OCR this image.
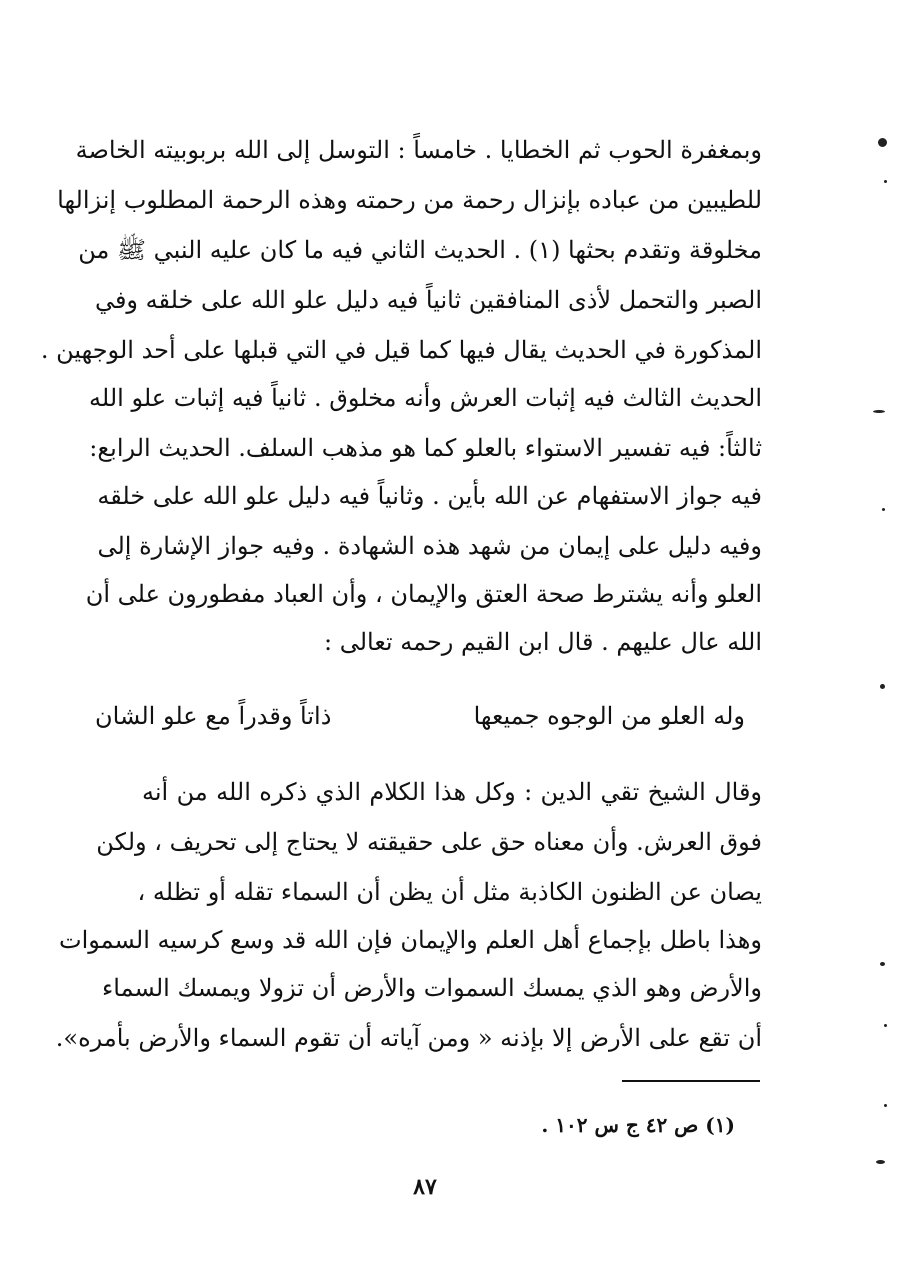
وبمغفرة الحوب ثم الخطايا . خامساً : التوسل إلى الله بربوبيته الخاصة
للطيبين من عباده بإنزال رحمة من رحمته وهذه الرحمة المطلوب إنزالها
مخلوقة وتقدم بحثها (١) . الحديث الثاني فيه ما كان عليه النبي ﷺ من
الصبر والتحمل لأذى المنافقين ثانياً فيه دليل علو الله على خلقه وفي
المذكورة في الحديث يقال فيها كما قيل في التي قبلها على أحد الوجهين .
الحديث الثالث فيه إثبات العرش وأنه مخلوق . ثانياً فيه إثبات علو الله
ثالثاً: فيه تفسير الاستواء بالعلو كما هو مذهب السلف. الحديث الرابع:
فيه جواز الاستفهام عن الله بأين . وثانياً فيه دليل علو الله على خلقه
وفيه دليل على إيمان من شهد هذه الشهادة . وفيه جواز الإشارة إلى
العلو وأنه يشترط صحة العتق والإيمان ، وأن العباد مفطورون على أن
الله عال عليهم . قال ابن القيم رحمه تعالى :
وله العلو من الوجوه جميعها
ذاتاً وقدراً مع علو الشان
وقال الشيخ تقي الدين : وكل هذا الكلام الذي ذكره الله من أنه
فوق العرش. وأن معناه حق على حقيقته لا يحتاج إلى تحريف ، ولكن
يصان عن الظنون الكاذبة مثل أن يظن أن السماء تقله أو تظله ،
وهذا باطل بإجماع أهل العلم والإيمان فإن الله قد وسع كرسيه السموات
والأرض وهو الذي يمسك السموات والأرض أن تزولا ويمسك السماء
أن تقع على الأرض إلا بإذنه « ومن آياته أن تقوم السماء والأرض بأمره».
(١) ص ٤٢ ج س ١٠٢ .
٨٧
